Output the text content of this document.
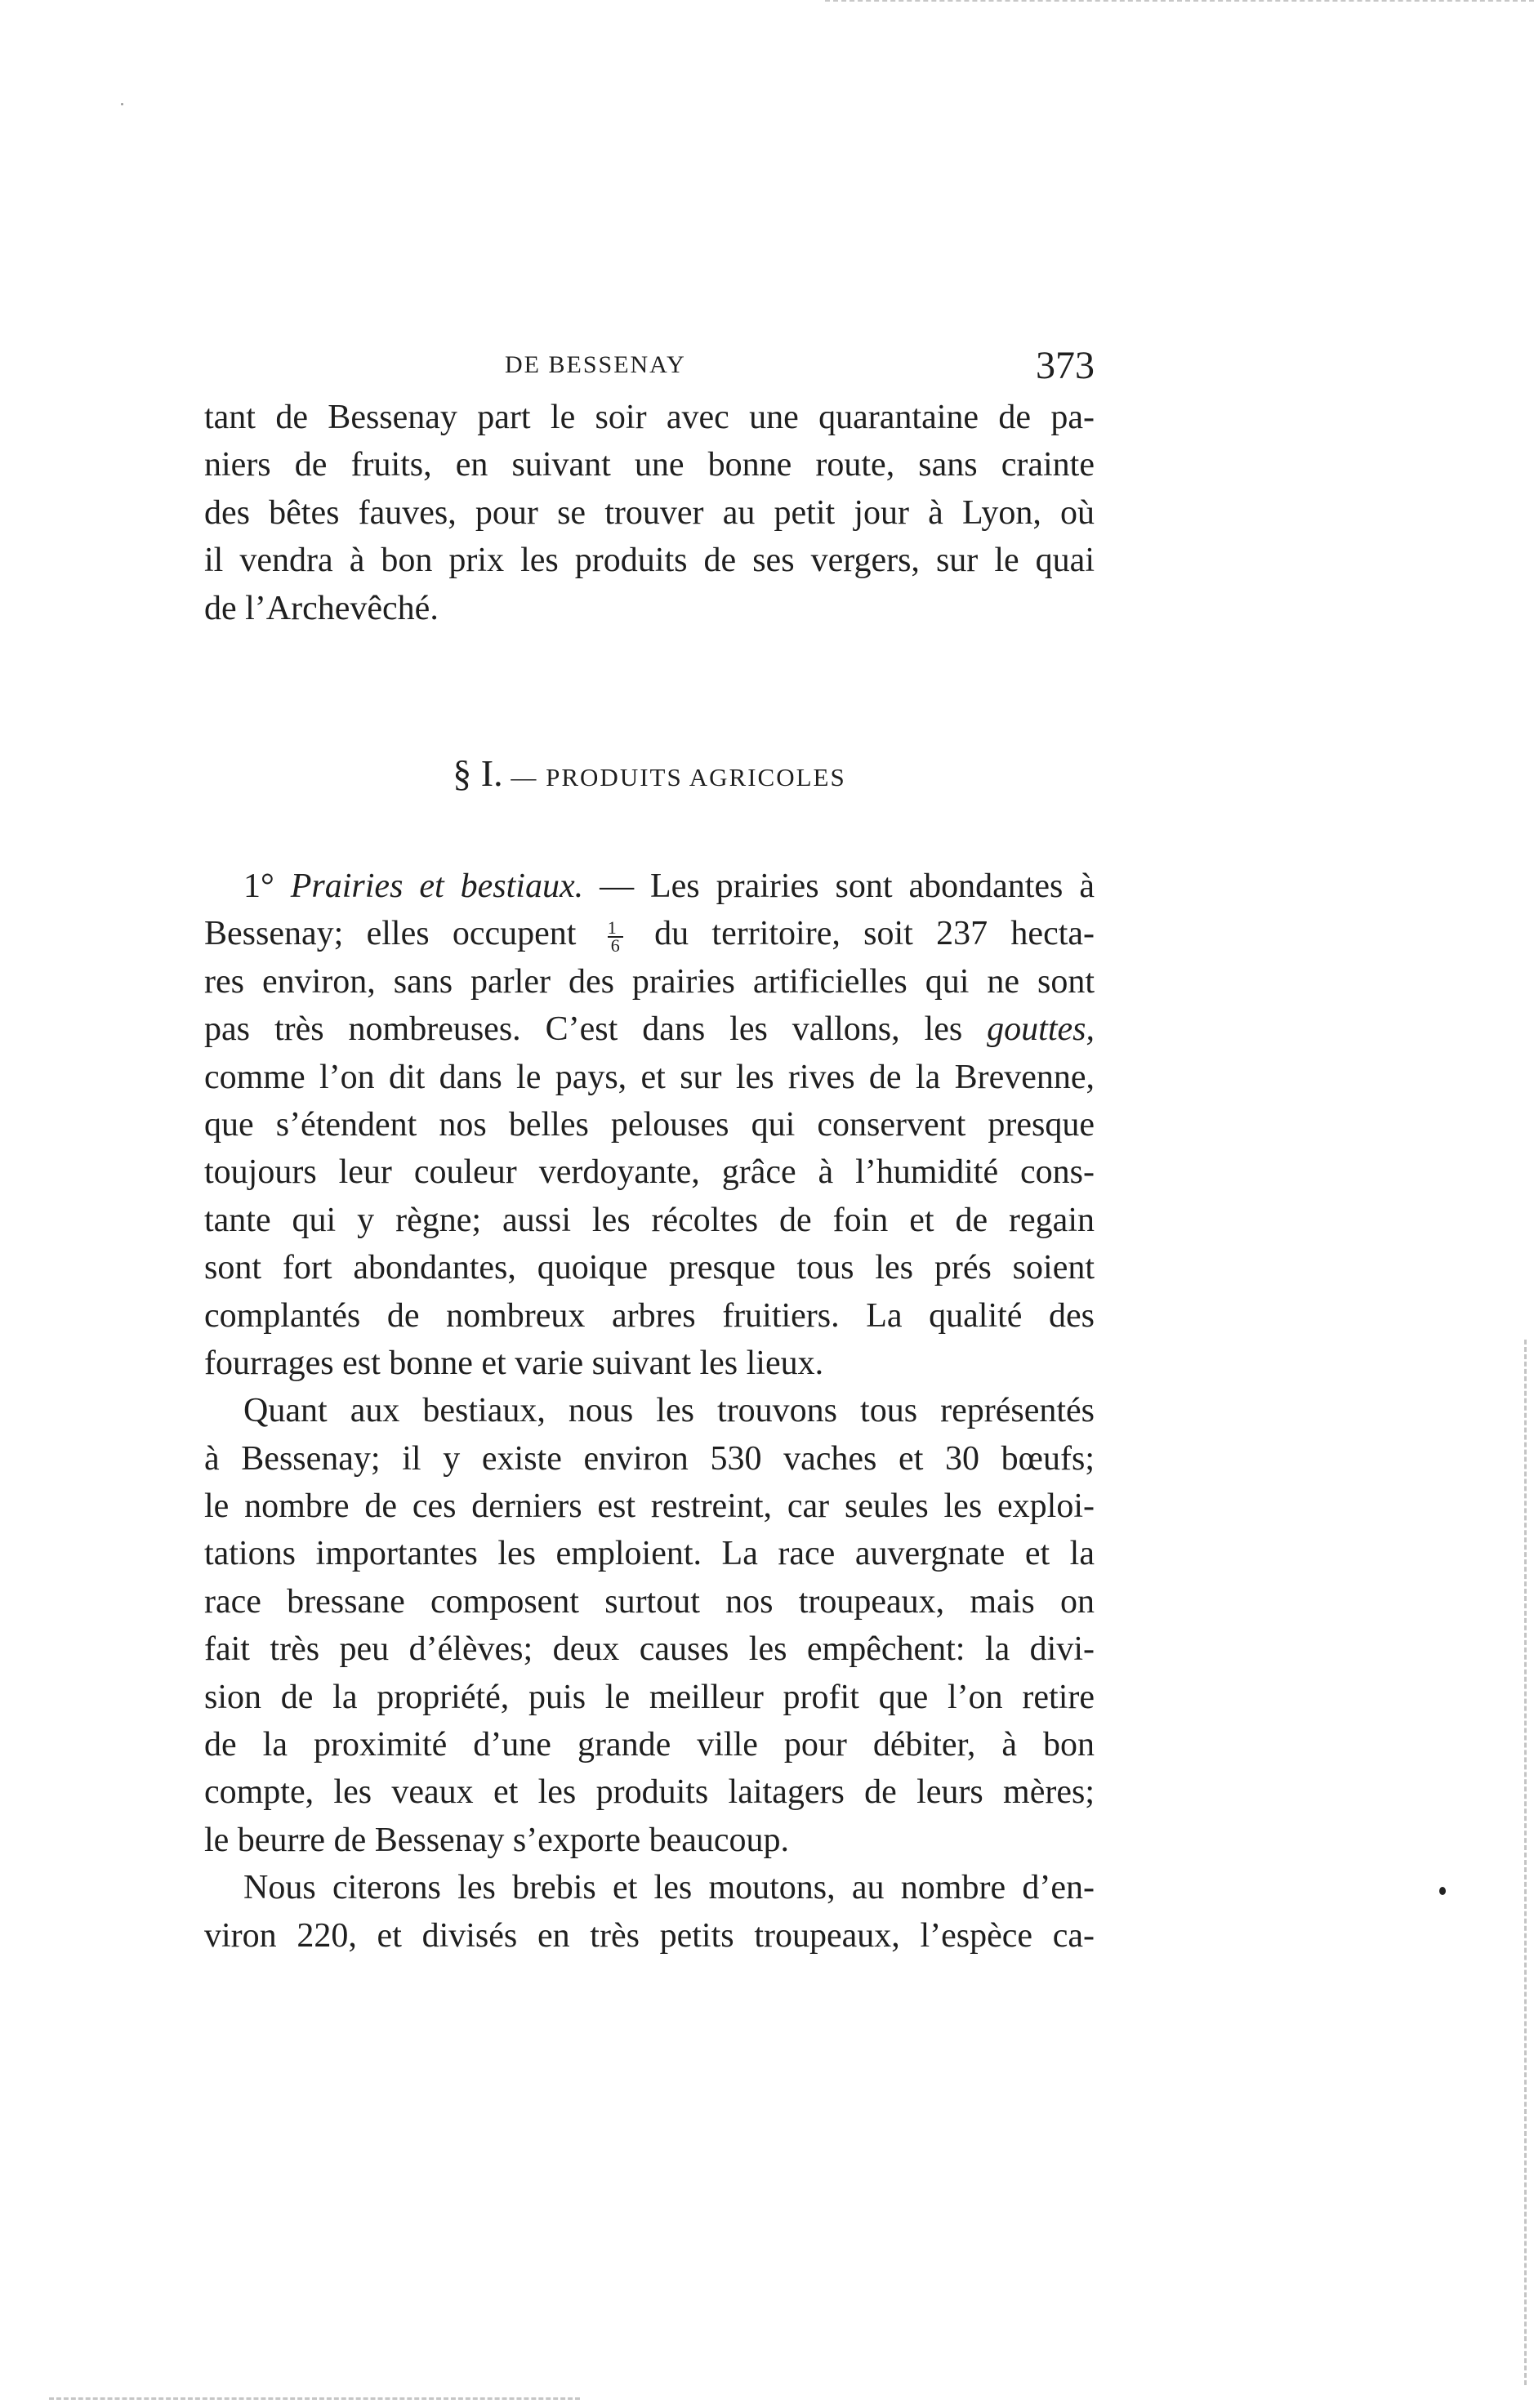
DE BESSENAY	373
tant de Bessenay part le soir avec une quarantaine de pa-
niers de fruits, en suivant une bonne route, sans crainte
des bêtes fauves, pour se trouver au petit jour à Lyon, où
il vendra à bon prix les produits de ses vergers, sur le quai
de l’Archevêché.
§ I. — PRODUITS AGRICOLES
1° Prairies et bestiaux. — Les prairies sont abondantes à
Bessenay; elles occupent $\frac{1}{6}$ du territoire, soit 237 hecta-
res environ, sans parler des prairies artificielles qui ne sont
pas très nombreuses. C’est dans les vallons, les gouttes,
comme l’on dit dans le pays, et sur les rives de la Brevenne,
que s’étendent nos belles pelouses qui conservent presque
toujours leur couleur verdoyante, grâce à l’humidité cons-
tante qui y règne; aussi les récoltes de foin et de regain
sont fort abondantes, quoique presque tous les prés soient
complantés de nombreux arbres fruitiers. La qualité des
fourrages est bonne et varie suivant les lieux.
Quant aux bestiaux, nous les trouvons tous représentés
à Bessenay; il y existe environ 530 vaches et 30 bœufs;
le nombre de ces derniers est restreint, car seules les exploi-
tations importantes les emploient. La race auvergnate et la
race bressane composent surtout nos troupeaux, mais on
fait très peu d’élèves; deux causes les empêchent: la divi-
sion de la propriété, puis le meilleur profit que l’on retire
de la proximité d’une grande ville pour débiter, à bon
compte, les veaux et les produits laitagers de leurs mères;
le beurre de Bessenay s’exporte beaucoup.
Nous citerons les brebis et les moutons, au nombre d’en-
viron 220, et divisés en très petits troupeaux, l’espèce ca-
